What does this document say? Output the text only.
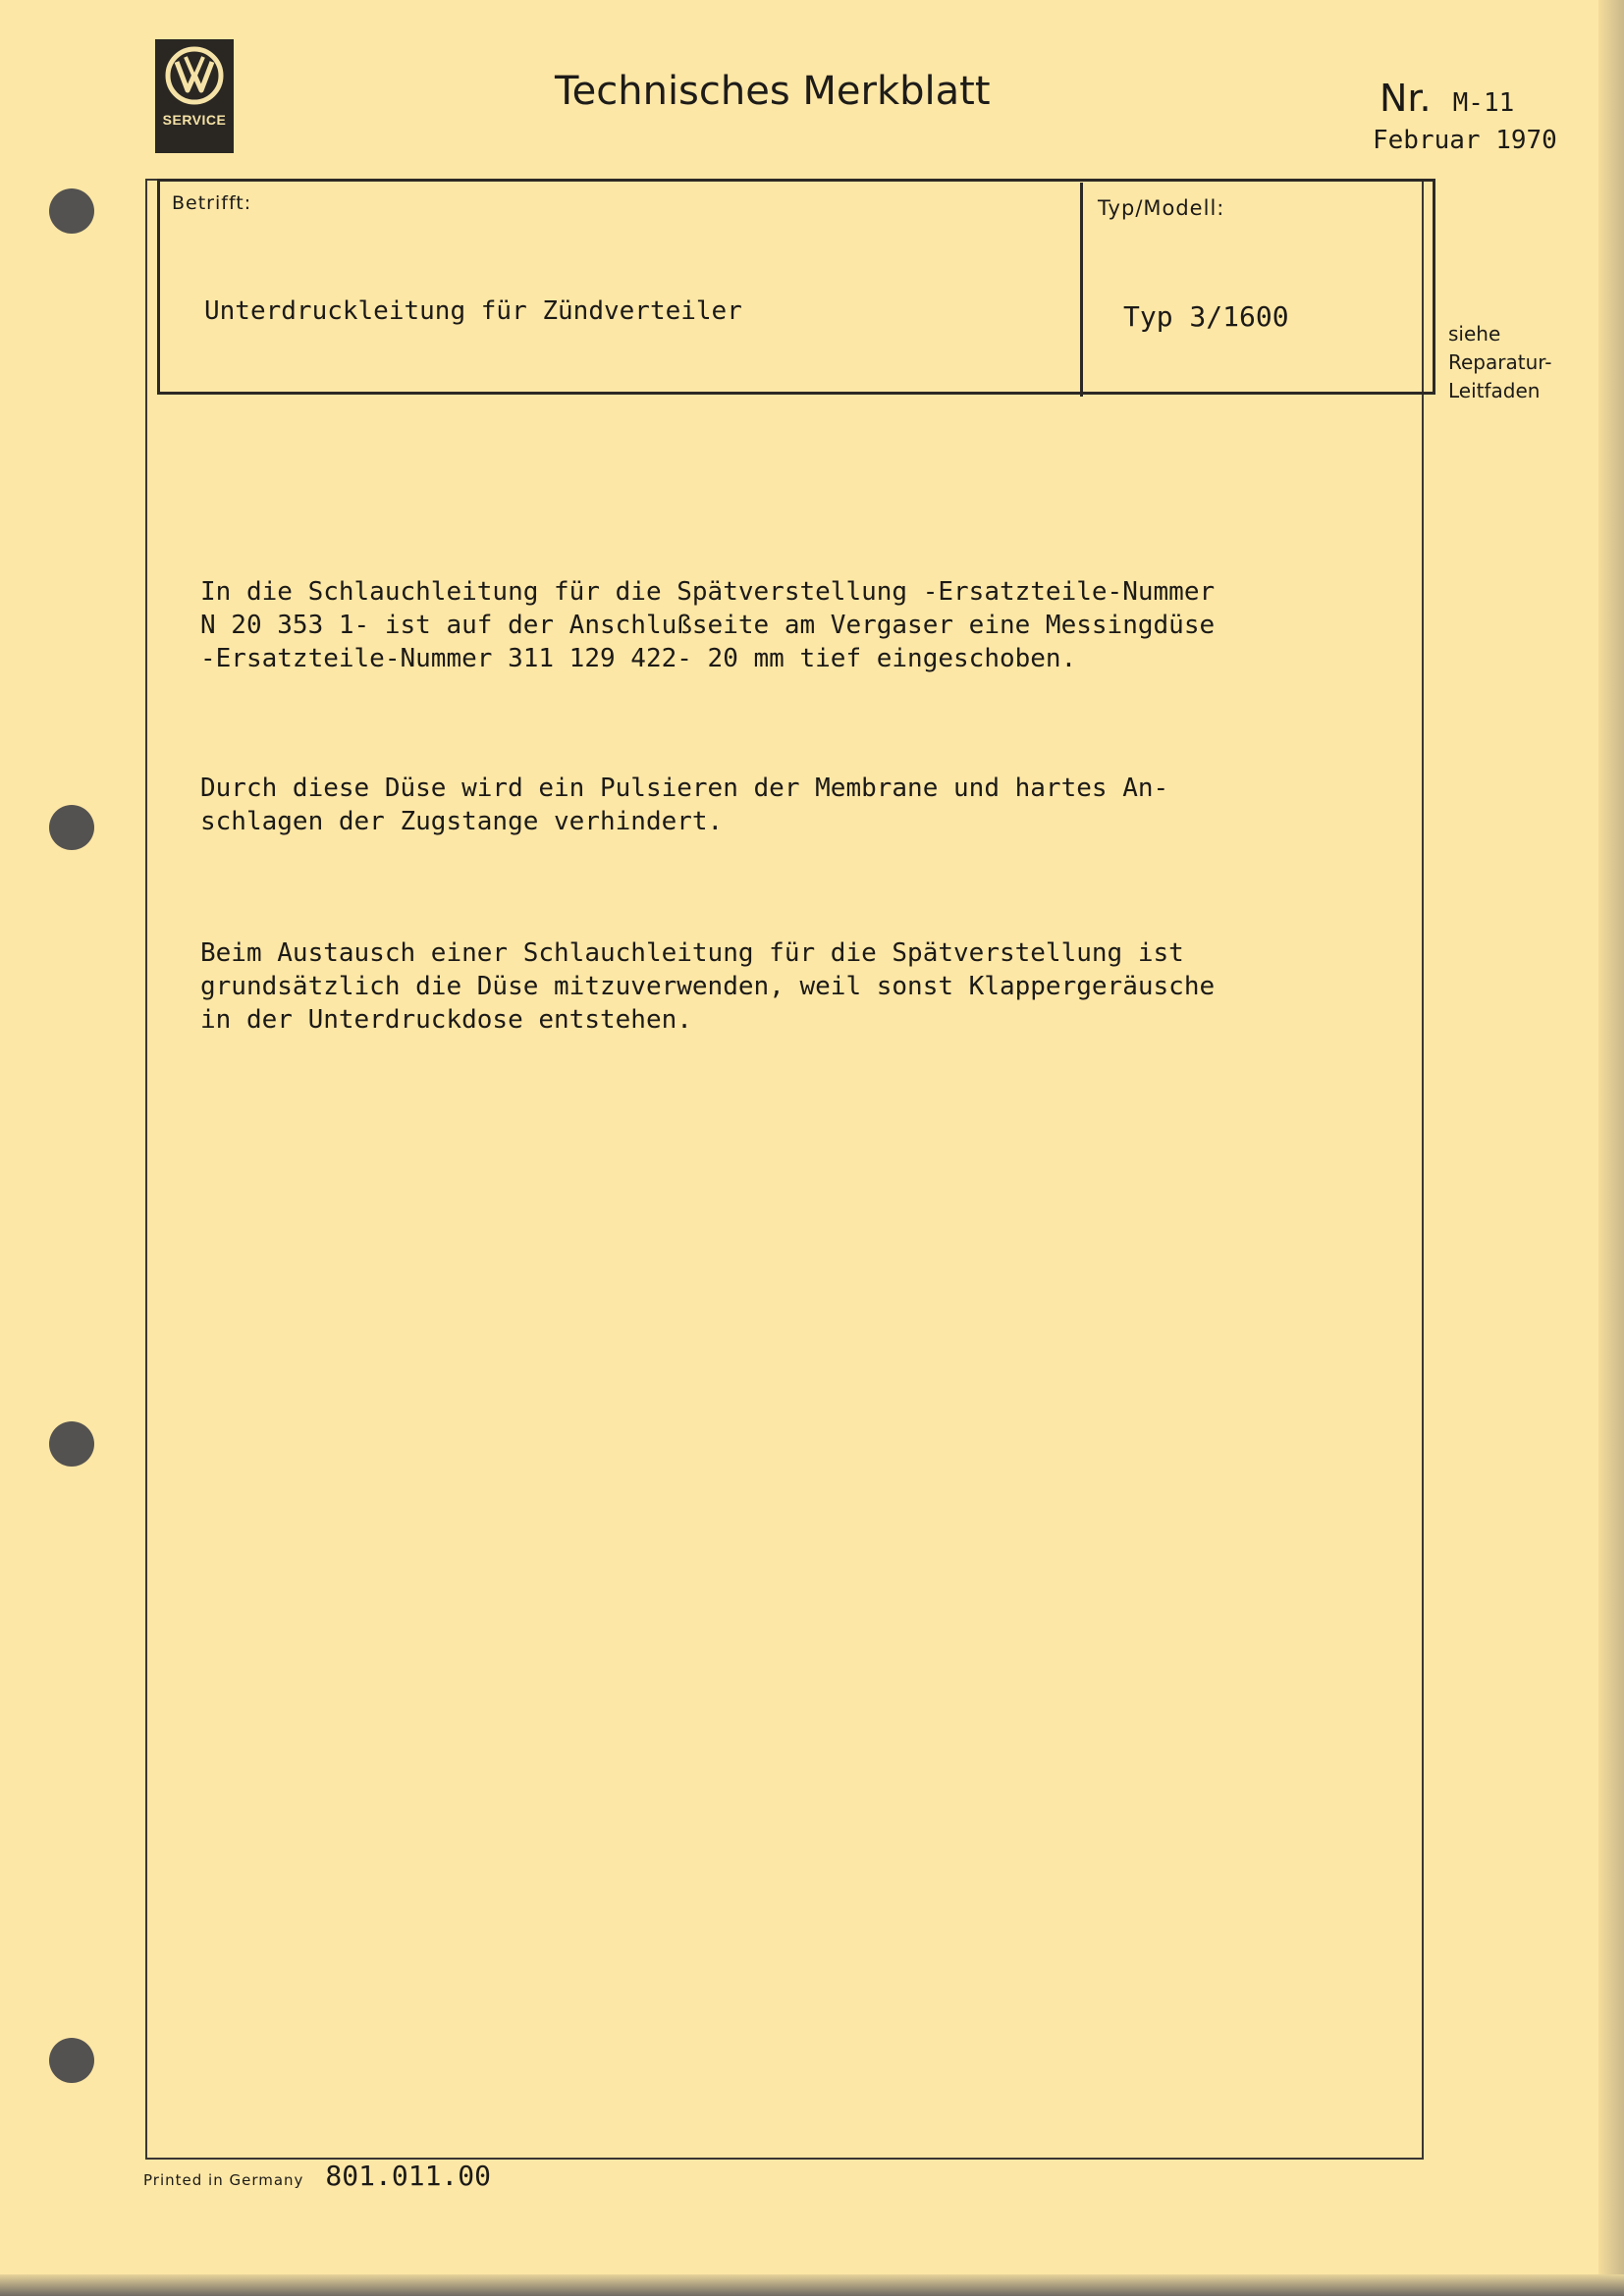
SERVICE
Technisches Merkblatt	Nr. M-11
Februar 1970
Betrifft:	Typ/Modell:
Unterdruckleitung für Zündverteiler	Typ 3/1600
siehe
Reparatur-
Leitfaden
In die Schlauchleitung für die Spätverstellung -Ersatzteile-Nummer
N 20 353 1- ist auf der Anschlußseite am Vergaser eine Messingdüse
-Ersatzteile-Nummer 311 129 422- 20 mm tief eingeschoben.
Durch diese Düse wird ein Pulsieren der Membrane und hartes An-
schlagen der Zugstange verhindert.
Beim Austausch einer Schlauchleitung für die Spätverstellung ist
grundsätzlich die Düse mitzuverwenden, weil sonst Klappergeräusche
in der Unterdruckdose entstehen.
Printed in Germany 801.011.00
